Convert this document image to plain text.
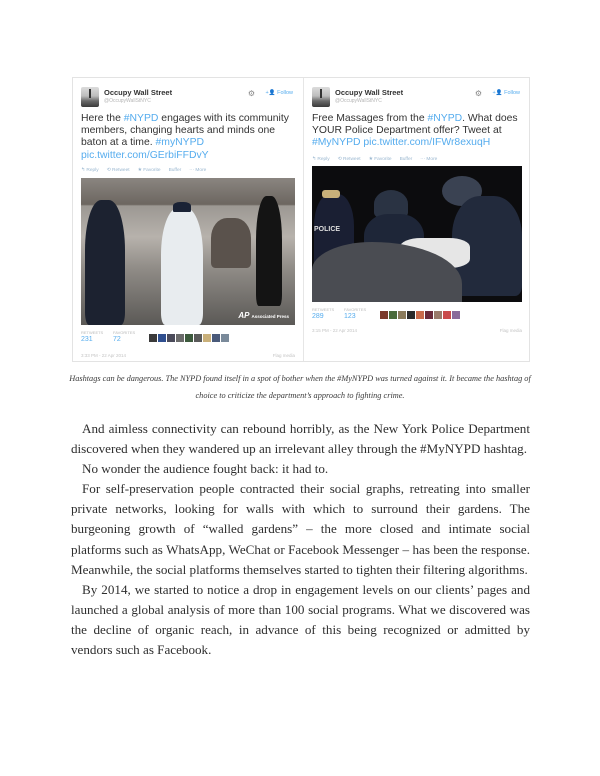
Occupy Wall Street
@OccupyWallStNYC
⚙ +👤 Follow
Here the #NYPD engages with its community members, changing hearts and minds one baton at a time. #myNYPD pic.twitter.com/GErbiFFDvY
↰ Reply ⟲ Retweet ★ Favorite Buffer ⋯ More
AP Associated Press
RETWEETS
231
FAVORITES
72
3:33 PM - 22 Apr 2014	Flag media
Occupy Wall Street
@OccupyWallStNYC
⚙ +👤 Follow
Free Massages from the #NYPD. What does YOUR Police Department offer? Tweet at #MyNYPD pic.twitter.com/IFWr8exuqH
↰ Reply ⟲ Retweet ★ Favorite Buffer ⋯ More
POLICE
RETWEETS
289
FAVORITES
123
3:15 PM - 22 Apr 2014	Flag media
Hashtags can be dangerous. The NYPD found itself in a spot of bother when the #MyNYPD was turned against it. It became the hashtag of choice to criticize the department’s approach to fighting crime.

And aimless connectivity can rebound horribly, as the New York Police Department discovered when they wandered up an irrelevant alley through the #MyNYPD hashtag.

No wonder the audience fought back: it had to.

For self-preservation people contracted their social graphs, retreating into smaller private networks, looking for walls with which to surround their gardens. The burgeoning growth of “walled gardens” – the more closed and intimate social platforms such as WhatsApp, WeChat or Facebook Messenger – has been the response. Meanwhile, the social platforms themselves started to tighten their filtering algorithms.

By 2014, we started to notice a drop in engagement levels on our clients’ pages and launched a global analysis of more than 100 social programs. What we discovered was the decline of organic reach, in advance of this being recognized or admitted by vendors such as Facebook.
